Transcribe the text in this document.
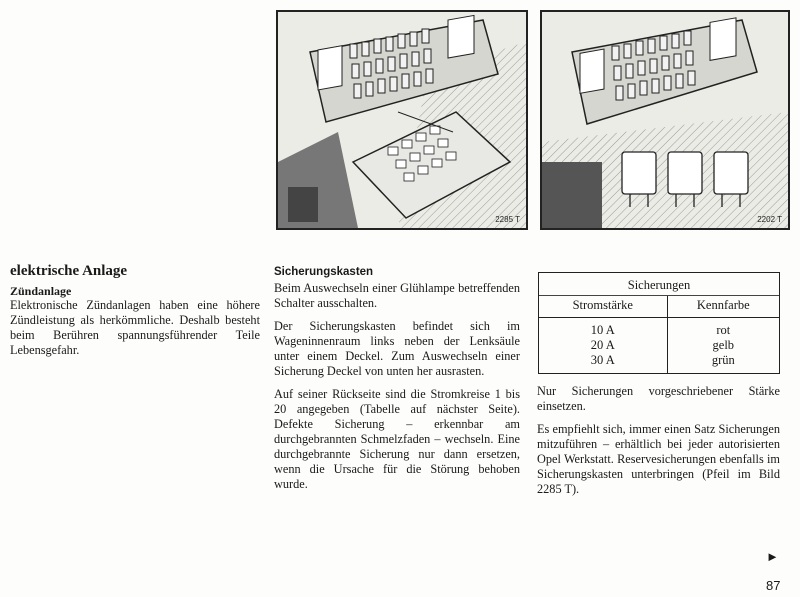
2285 T	2202 T
elektrische Anlage
Zündanlage

Elektronische Zündanlagen haben eine höhere Zündleistung als herkömmliche. Deshalb besteht beim Berühren spannungsführender Teile Lebensgefahr.

Sicherungskasten

Beim Auswechseln einer Glühlampe betreffenden Schalter ausschalten.

Der Sicherungskasten befindet sich im Wageninnenraum links neben der Lenksäule unter einem Deckel. Zum Auswechseln einer Sicherung Deckel von unten her ausrasten.

Auf seiner Rückseite sind die Stromkreise 1 bis 20 angegeben (Tabelle auf nächster Seite). Defekte Sicherung – erkennbar am durchgebrannten Schmelzfaden – wechseln. Eine durchgebrannte Sicherung nur dann ersetzen, wenn die Ursache für die Störung behoben wurde.

Sicherungen
Stromstärke	Kennfarbe
10 A	rot
20 A	gelb
30 A	grün

Nur Sicherungen vorgeschriebener Stärke einsetzen.

Es empfiehlt sich, immer einen Satz Sicherungen mitzuführen – erhältlich bei jeder autorisierten Opel Werkstatt. Reservesicherungen ebenfalls im Sicherungskasten unterbringen (Pfeil im Bild 2285 T).

►
87
